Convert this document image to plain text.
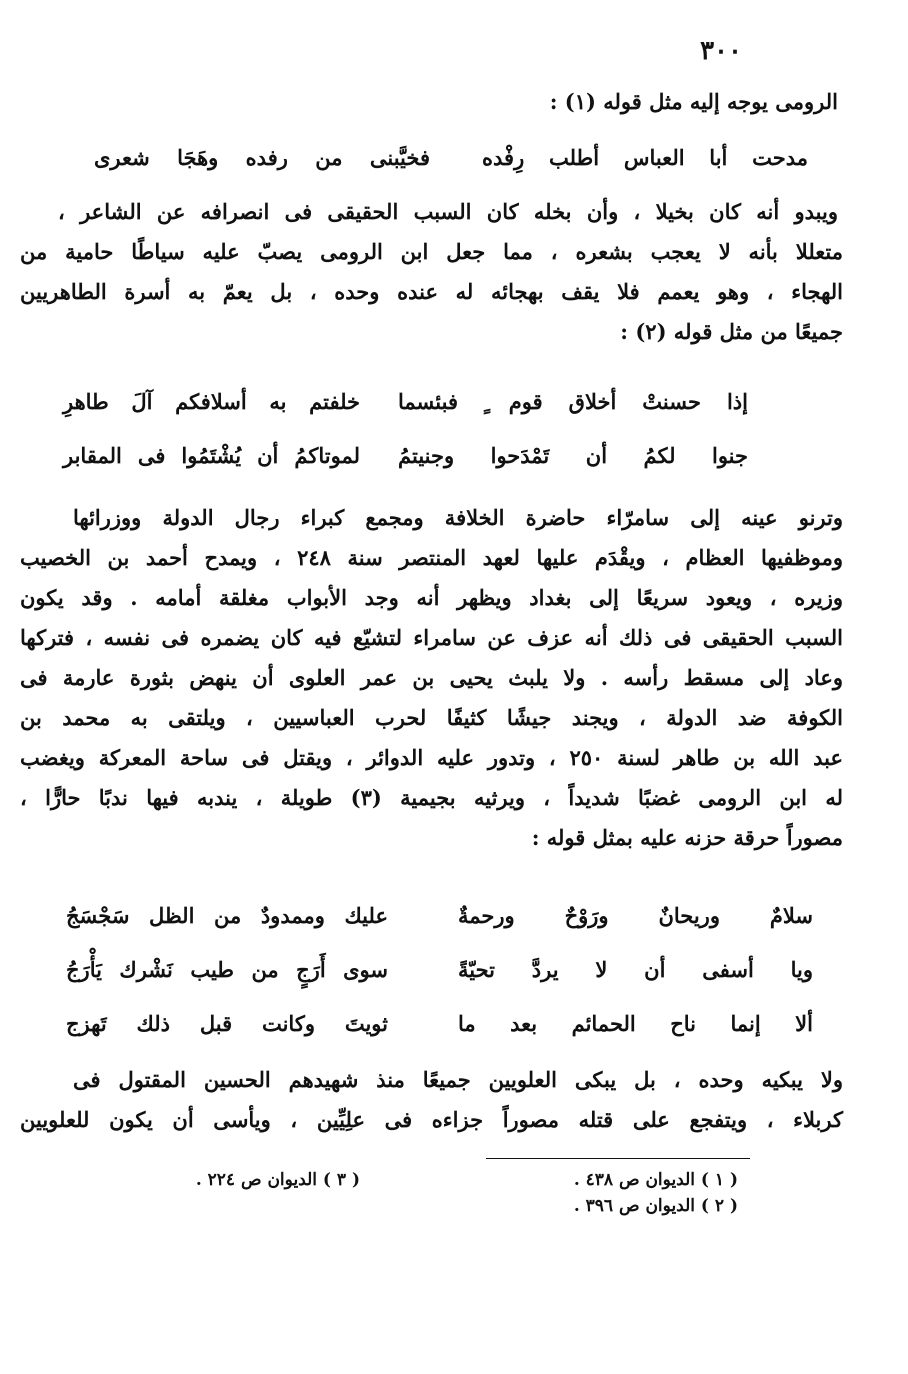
٣٠٠
الرومى يوجه إليه مثل قوله (١) :
مدحت أبا العباس أطلب رِفْده
فخيَّبنى من رفده وهَجَا شعرى
ويبدو أنه كان بخيلا ، وأن بخله كان السبب الحقيقى فى انصرافه عن الشاعر ،
متعللا بأنه لا يعجب بشعره ، مما جعل ابن الرومى يصبّ عليه سياطًا حامية من
الهجاء ، وهو يعمم فلا يقف بهجائه له عنده وحده ، بل يعمّ به أسرة الطاهريين
جميعًا من مثل قوله (٢) :
إذا حسنتْ أخلاق قوم ٍ فبئسما
خلفتم به أسلافكم آلَ طاهرِ
جنوا لكمُ أن تَمْدَحوا وجنيتمُ
لموتاكمُ أن يُشْتَمُوا فى المقابر
وترنو عينه إلى سامرّاء حاضرة الخلافة ومجمع كبراء رجال الدولة ووزرائها
وموظفيها العظام ، ويقْدَم عليها لعهد المنتصر سنة ٢٤٨ ، ويمدح أحمد بن الخصيب
وزيره ، ويعود سريعًا إلى بغداد ويظهر أنه وجد الأبواب مغلقة أمامه . وقد يكون
السبب الحقيقى فى ذلك أنه عزف عن سامراء لتشيّع فيه كان يضمره فى نفسه ، فتركها
وعاد إلى مسقط رأسه . ولا يلبث يحيى بن عمر العلوى أن ينهض بثورة عارمة فى
الكوفة ضد الدولة ، ويجند جيشًا كثيفًا لحرب العباسيين ، ويلتقى به محمد بن
عبد الله بن طاهر لسنة ٢٥٠ ، وتدور عليه الدوائر ، ويقتل فى ساحة المعركة ويغضب
له ابن الرومى غضبًا شديداً ، ويرثيه بجيمية (٣) طويلة ، يندبه فيها ندبًا حارًّا ،
مصوراً حرقة حزنه عليه بمثل قوله :
سلامٌ وريحانٌ ورَوْحٌ ورحمةٌ
عليك وممدودٌ من الظل سَجْسَجُ
ويا أسفى أن لا يردَّ تحيّةً
سوى أَرَجٍ من طيب نَشْرك يَأْرَجُ
ألا إنما ناح الحمائم بعد ما
ثويتَ وكانت قبل ذلك تَهزج
ولا يبكيه وحده ، بل يبكى العلويين جميعًا منذ شهيدهم الحسين المقتول فى
كربلاء ، ويتفجع على قتله مصوراً جزاءه فى علِيِّين ، ويأسى أن يكون للعلويين
( ١ ) الديوان ص ٤٣٨ .
( ٢ ) الديوان ص ٣٩٦ .
( ٣ ) الديوان ص ٢٢٤ .
